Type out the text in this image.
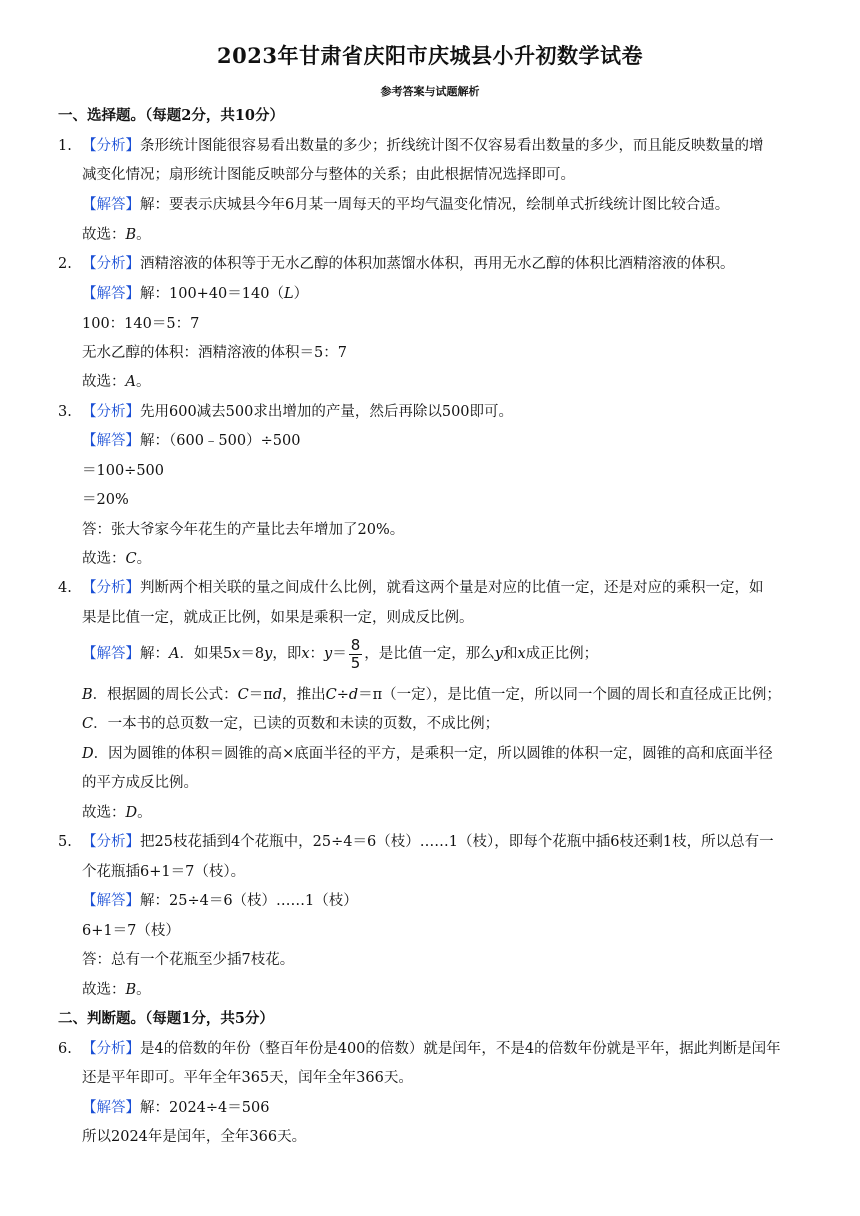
2023年甘肃省庆阳市庆城县小升初数学试卷
参考答案与试题解析
一、选择题。（每题2分，共10分）
1. 【分析】条形统计图能很容易看出数量的多少；折线统计图不仅容易看出数量的多少，而且能反映数量的增
减变化情况；扇形统计图能反映部分与整体的关系；由此根据情况选择即可。
【解答】解：要表示庆城县今年6月某一周每天的平均气温变化情况，绘制单式折线统计图比较合适。
故选：B。
2. 【分析】酒精溶液的体积等于无水乙醇的体积加蒸馏水体积，再用无水乙醇的体积比酒精溶液的体积。
【解答】解：100+40＝140（L）
100：140＝5：7
无水乙醇的体积：酒精溶液的体积＝5：7
故选：A。
3. 【分析】先用600减去500求出增加的产量，然后再除以500即可。
【解答】解：（600﹣500）÷500
＝100÷500
＝20%
答：张大爷家今年花生的产量比去年增加了20%。
故选：C。
4. 【分析】判断两个相关联的量之间成什么比例，就看这两个量是对应的比值一定，还是对应的乘积一定，如
果是比值一定，就成正比例，如果是乘积一定，则成反比例。
【解答】解：A．如果5x＝8y，即x：$y= \frac{8}{5}$ ，是比值一定，那么y和x成正比例；
B．根据圆的周长公式：C＝πd，推出C÷d＝π（一定），是比值一定，所以同一个圆的周长和直径成正比例；
C．一本书的总页数一定，已读的页数和未读的页数，不成比例；
D．因为圆锥的体积＝圆锥的高×底面半径的平方，是乘积一定，所以圆锥的体积一定，圆锥的高和底面半径
的平方成反比例。
故选：D。
5. 【分析】把25枝花插到4个花瓶中，25÷4＝6（枝）……1（枝），即每个花瓶中插6枝还剩1枝，所以总有一
个花瓶插6+1＝7（枝）。
【解答】解：25÷4＝6（枝）……1（枝）
6+1＝7（枝）
答：总有一个花瓶至少插7枝花。
故选：B。
二、判断题。（每题1分，共5分）
6. 【分析】是4的倍数的年份（整百年份是400的倍数）就是闰年，不是4的倍数年份就是平年，据此判断是闰年
还是平年即可。平年全年365天，闰年全年366天。
【解答】解：2024÷4＝506
所以2024年是闰年，全年366天。
